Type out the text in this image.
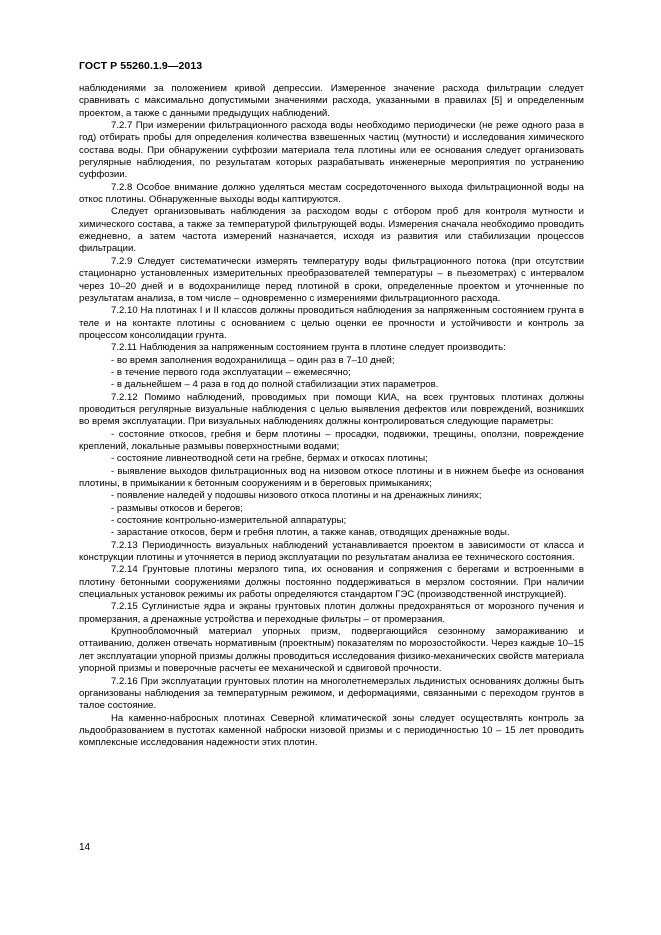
ГОСТ Р 55260.1.9—2013

наблюдениями за положением кривой депрессии. Измеренное значение расхода фильтрации следует сравнивать с максимально допустимыми значениями расхода, указанными в правилах [5] и определенным проектом, а также с данными предыдущих наблюдений.

7.2.7 При измерении фильтрационного расхода воды необходимо периодически (не реже одного раза в год) отбирать пробы для определения количества взвешенных частиц (мутности) и исследования химического состава воды. При обнаружении суффозии материала тела плотины или ее основания следует организовать регулярные наблюдения, по результатам которых разрабатывать инженерные мероприятия по устранению суффозии.

7.2.8 Особое внимание должно уделяться местам сосредоточенного выхода фильтрационной воды на откос плотины. Обнаруженные выходы воды каптируются.

Следует организовывать наблюдения за расходом воды с отбором проб для контроля мутности и химического состава, а также за температурой фильтрующей воды. Измерения сначала необходимо проводить ежедневно, а затем частота измерений назначается, исходя из развития или стабилизации процессов фильтрации.

7.2.9 Следует систематически измерять температуру воды фильтрационного потока (при отсутствии стационарно установленных измерительных преобразователей температуры – в пьезометрах) с интервалом через 10–20 дней и в водохранилище перед плотиной в сроки, определенные проектом и уточненные по результатам анализа, в том числе – одновременно с измерениями фильтрационного расхода.

7.2.10 На плотинах I и II классов должны проводиться наблюдения за напряженным состоянием грунта в теле и на контакте плотины с основанием с целью оценки ее прочности и устойчивости и контроль за процессом консолидации грунта.

7.2.11 Наблюдения за напряженным состоянием грунта в плотине следует производить:

- во время заполнения водохранилища – один раз в 7–10 дней;

- в течение первого года эксплуатации – ежемесячно;

- в дальнейшем – 4 раза в год до полной стабилизации этих параметров.

7.2.12 Помимо наблюдений, проводимых при помощи КИА, на всех грунтовых плотинах должны проводиться регулярные визуальные наблюдения с целью выявления дефектов или повреждений, возникших во время эксплуатации. При визуальных наблюдениях должны контролироваться следующие параметры:

- состояние откосов, гребня и берм плотины – просадки, подвижки, трещины, оползни, повреждение креплений, локальные размывы поверхностными водами;

- состояние ливнеотводной сети на гребне, бермах и откосах плотины;

- выявление выходов фильтрационных вод на низовом откосе плотины и в нижнем бьефе из основания плотины, в примыкании к бетонным сооружениям и в береговых примыканиях;

- появление наледей у подошвы низового откоса плотины и на дренажных линиях;

- размывы откосов и берегов;

- состояние контрольно-измерительной аппаратуры;

- зарастание откосов, берм и гребня плотин, а также канав, отводящих дренажные воды.

7.2.13 Периодичность визуальных наблюдений устанавливается проектом в зависимости от класса и конструкции плотины и уточняется в период эксплуатации по результатам анализа ее технического состояния.

7.2.14 Грунтовые плотины мерзлого типа, их основания и сопряжения с берегами и встроенными в плотину бетонными сооружениями должны постоянно поддерживаться в мерзлом состоянии. При наличии специальных установок режимы их работы определяются стандартом ГЭС (производственной инструкцией).

7.2.15 Суглинистые ядра и экраны грунтовых плотин должны предохраняться от морозного пучения и промерзания, а дренажные устройства и переходные фильтры – от промерзания.

Крупнообломочный материал упорных призм, подвергающийся сезонному замораживанию и оттаиванию, должен отвечать нормативным (проектным) показателям по морозостойкости. Через каждые 10–15 лет эксплуатации упорной призмы должны проводиться исследования физико-механических свойств материала упорной призмы и поверочные расчеты ее механической и сдвиговой прочности.

7.2.16 При эксплуатации грунтовых плотин на многолетнемерзлых льдинистых основаниях должны быть организованы наблюдения за температурным режимом, и деформациями, связанными с переходом грунтов в талое состояние.

На каменно-набросных плотинах Северной климатической зоны следует осуществлять контроль за льдообразованием в пустотах каменной наброски низовой призмы и с периодичностью 10 – 15 лет проводить комплексные исследования надежности этих плотин.

14
